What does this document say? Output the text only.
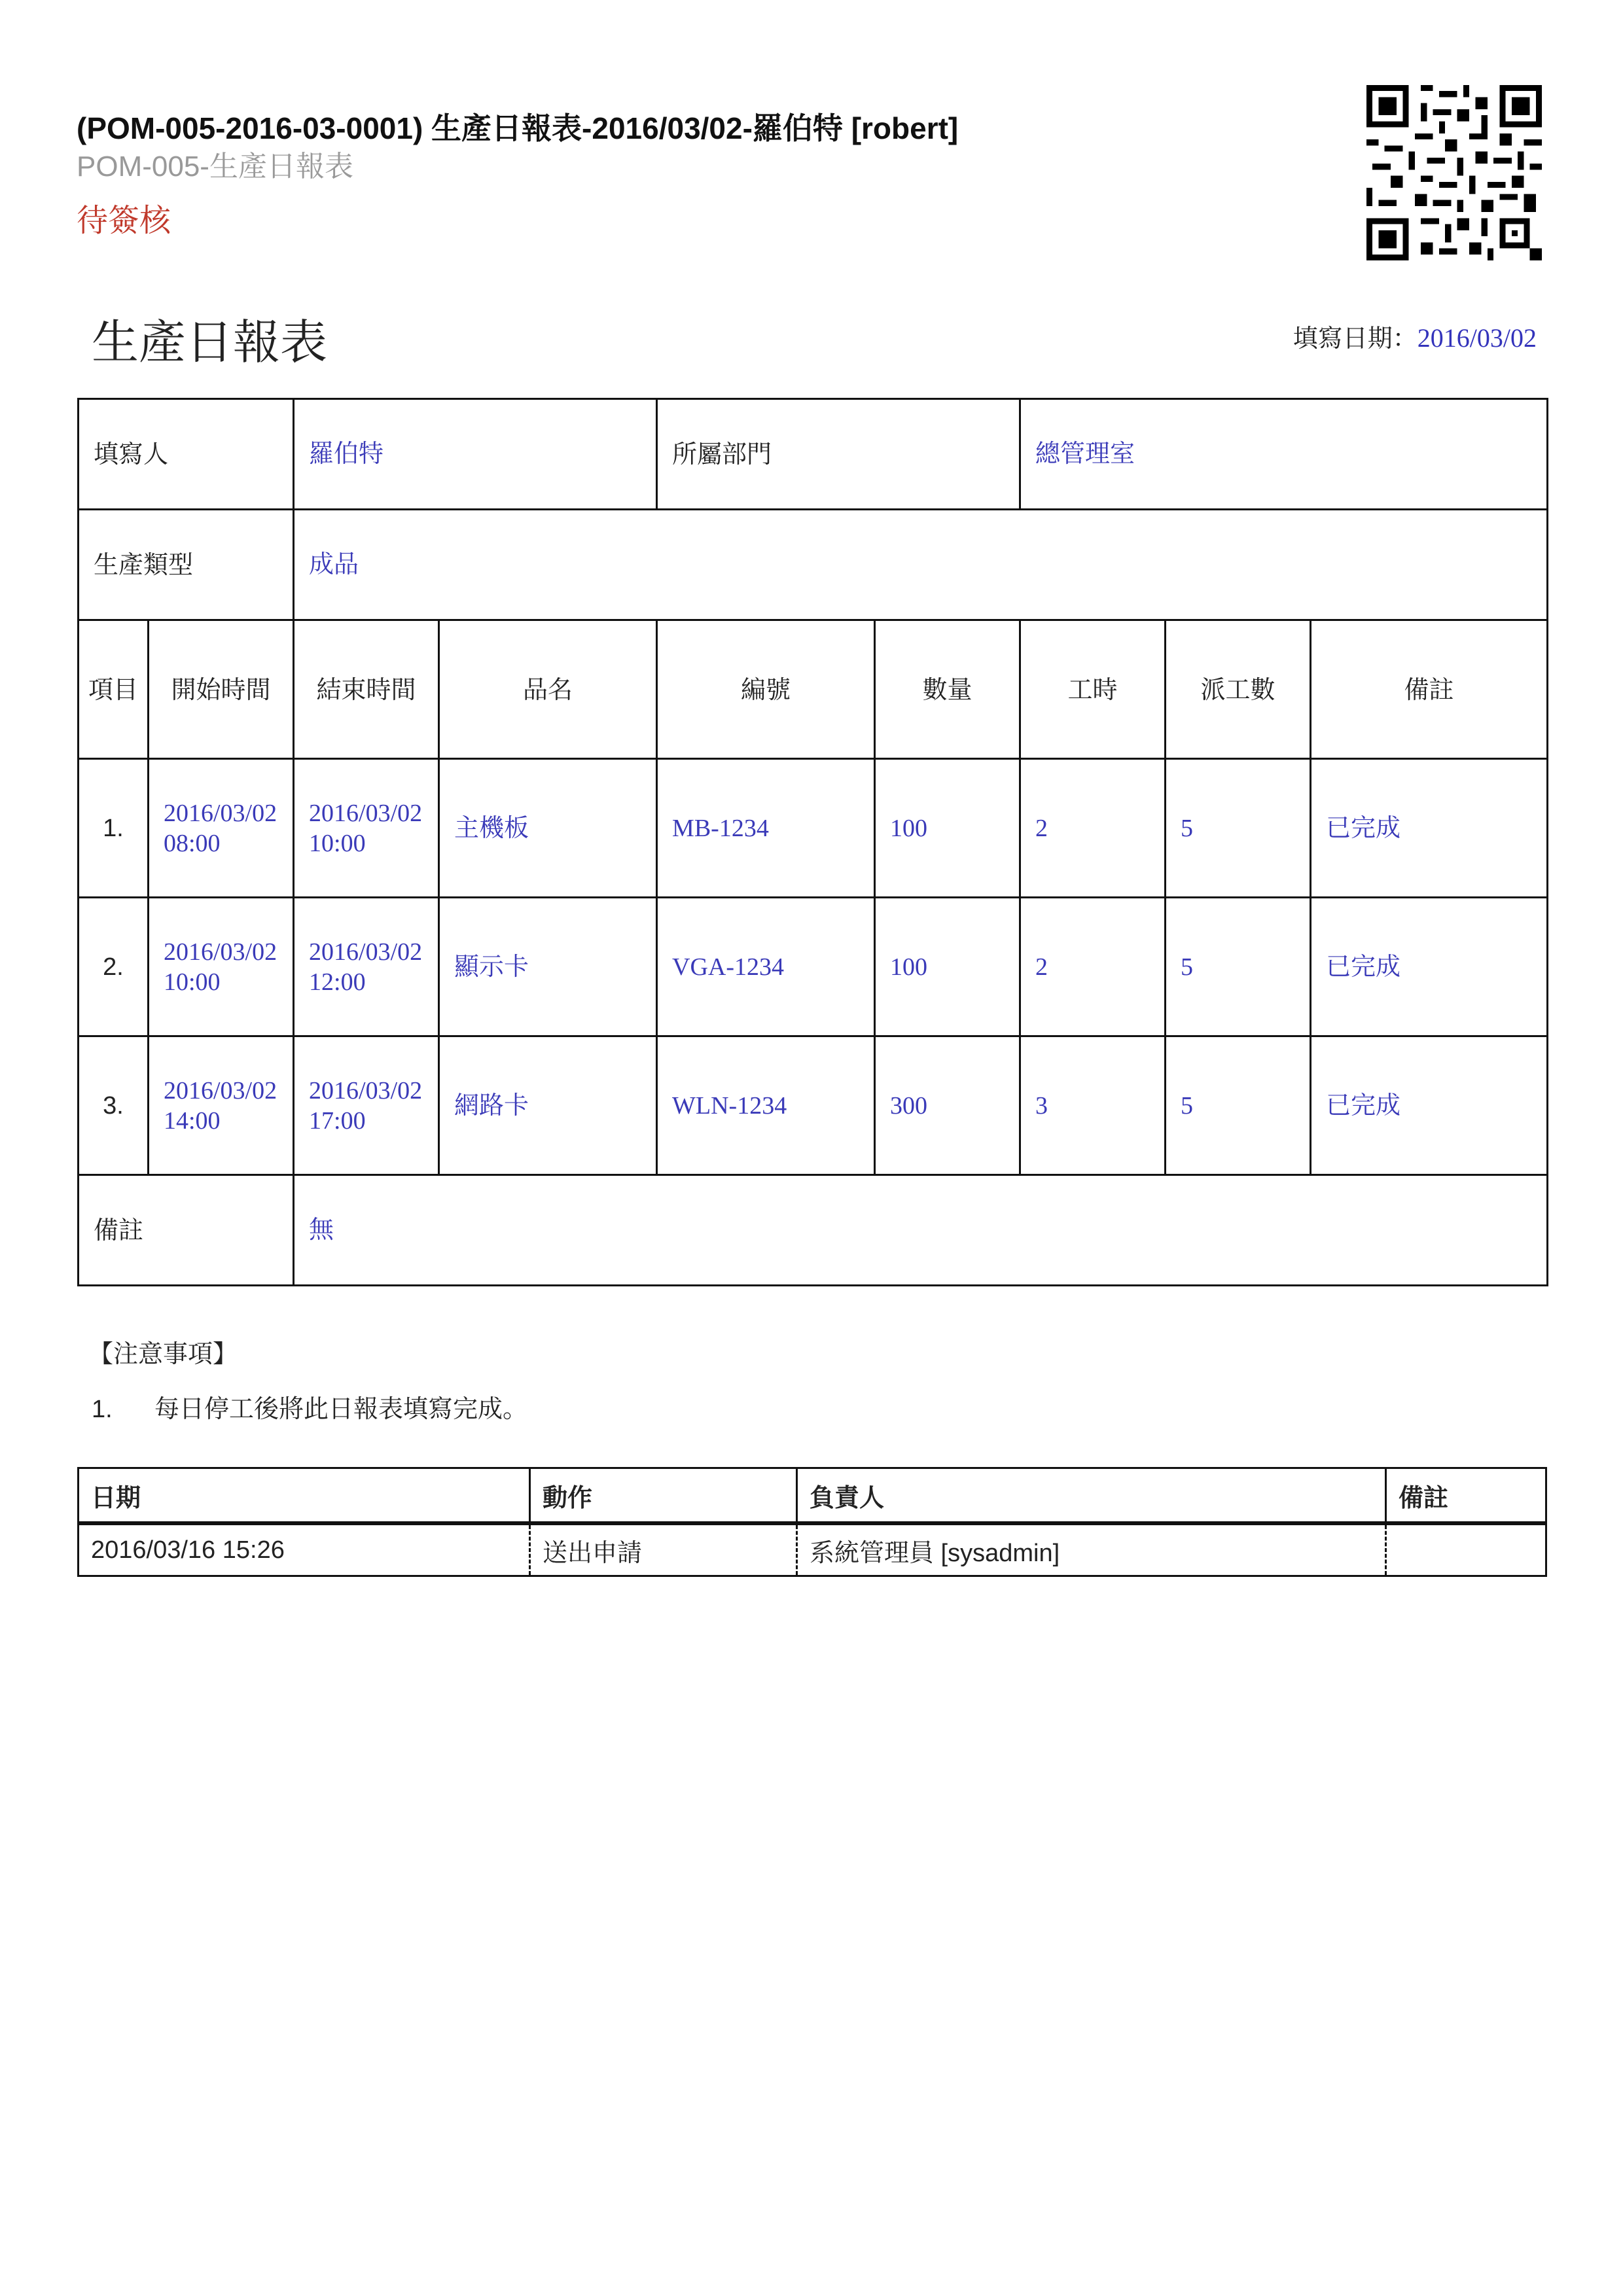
(POM-005-2016-03-0001) 生產日報表-2016/03/02-羅伯特 [robert]
POM-005-生產日報表
待簽核
生產日報表	填寫日期：2016/03/02
填寫人		羅伯特		所屬部門		總管理室		
生產類型		成品						
項目	開始時間	結束時間	品名	編號	數量	工時	派工數	備註
1.	2016/03/02 08:00	2016/03/02 10:00	主機板	MB-1234	100	2	5	已完成
2.	2016/03/02 10:00	2016/03/02 12:00	顯示卡	VGA-1234	100	2	5	已完成
3.	2016/03/02 14:00	2016/03/02 17:00	網路卡	WLN-1234	300	3	5	已完成
備註		無						
【注意事項】
1. 每日停工後將此日報表填寫完成。
日期	動作	負責人	備註
2016/03/16 15:26	送出申請	系統管理員 [sysadmin]	
